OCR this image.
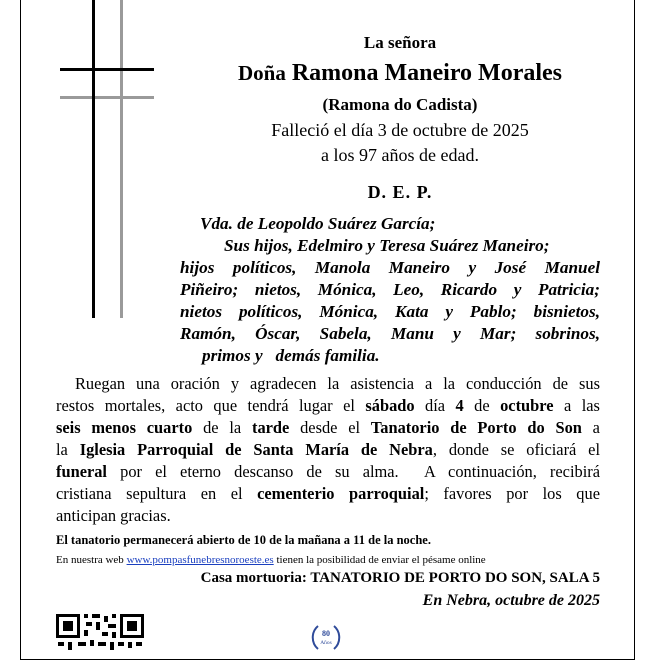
La señora
Doña Ramona Maneiro Morales
(Ramona do Cadista)
Falleció el día 3 de octubre de 2025
a los 97 años de edad.
D. E. P.
Vda. de Leopoldo Suárez García;
Sus hijos, Edelmiro y Teresa Suárez Maneiro;
hijos políticos, Manola Maneiro y José Manuel
Piñeiro; nietos, Mónica, Leo, Ricardo y Patricia;
nietos políticos, Mónica, Kata y Pablo; bisnietos,
Ramón, Óscar, Sabela, Manu y Mar; sobrinos,
primos y   demás familia.
Ruegan una oración y agradecen la asistencia a la conducción de sus
restos mortales, acto que tendrá lugar el sábado día 4 de octubre a las
seis menos cuarto de la tarde desde el Tanatorio de Porto do Son a
la Iglesia Parroquial de Santa María de Nebra, donde se oficiará el
funeral por el eterno descanso de su alma.  A continuación, recibirá
cristiana sepultura en el cementerio parroquial; favores por los que
anticipan gracias.
El tanatorio permanecerá abierto de 10 de la mañana a 11 de la noche.
En nuestra web www.pompasfunebresnoroeste.es tienen la posibilidad de enviar el pésame online
Casa mortuoria: TANATORIO DE PORTO DO SON, SALA 5
En Nebra, octubre de 2025
80
Años
